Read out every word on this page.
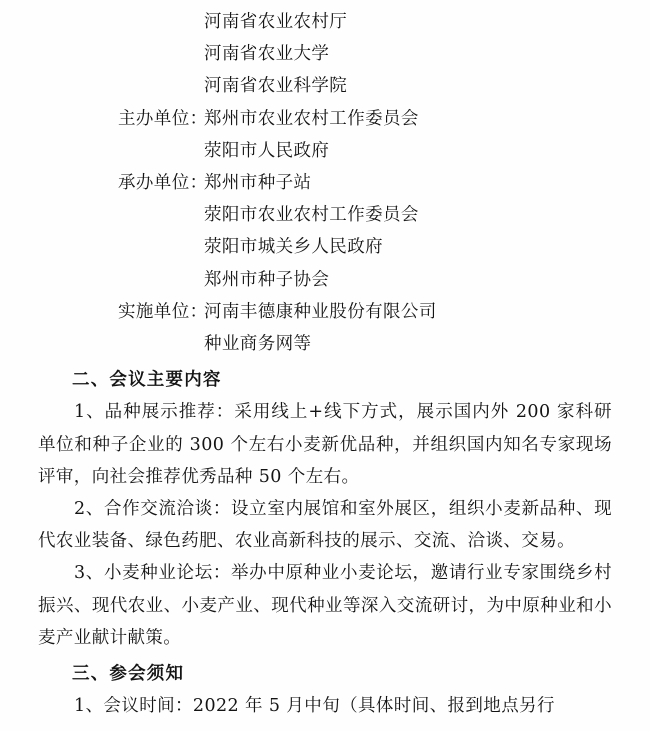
河南省农业农村厅
河南省农业大学
河南省农业科学院
主办单位：郑州市农业农村工作委员会
荥阳市人民政府
承办单位：郑州市种子站
荥阳市农业农村工作委员会
荥阳市城关乡人民政府
郑州市种子协会
实施单位：河南丰德康种业股份有限公司
种业商务网等
二、会议主要内容
1、品种展示推荐：采用线上+线下方式，展示国内外 200 家科研单位和种子企业的 300 个左右小麦新优品种，并组织国内知名专家现场评审，向社会推荐优秀品种 50 个左右。
2、合作交流洽谈：设立室内展馆和室外展区，组织小麦新品种、现代农业装备、绿色药肥、农业高新科技的展示、交流、洽谈、交易。
3、小麦种业论坛：举办中原种业小麦论坛，邀请行业专家围绕乡村振兴、现代农业、小麦产业、现代种业等深入交流研讨，为中原种业和小麦产业献计献策。
三、参会须知
1、会议时间：2022 年 5 月中旬（具体时间、报到地点另行
